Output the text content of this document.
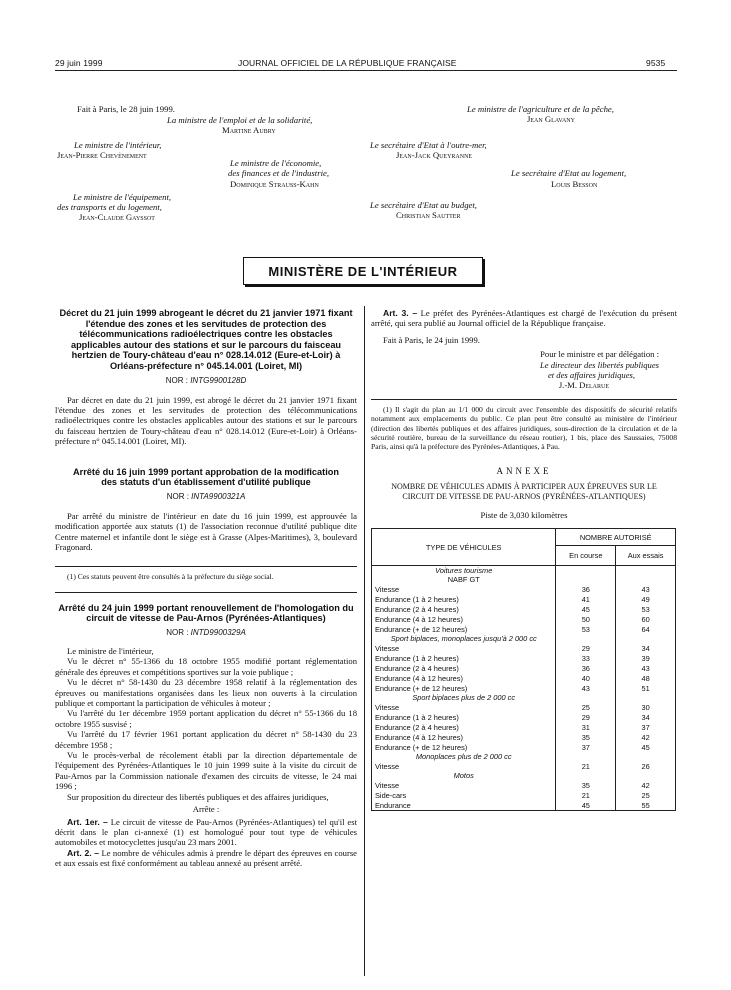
29 juin 1999	JOURNAL OFFICIEL DE LA RÉPUBLIQUE FRANÇAISE	9535
Fait à Paris, le 28 juin 1999.
La ministre de l'emploi et de la solidarité,
Martine Aubry
Le ministre de l'intérieur,
Jean-Pierre Chevènement
Le ministre de l'économie,
des finances et de l'industrie,
Dominique Strauss-Kahn
Le ministre de l'équipement,
des transports et du logement,
Jean-Claude Gayssot
Le ministre de l'agriculture et de la pêche,
Jean Glavany
Le secrétaire d'Etat à l'outre-mer,
Jean-Jack Queyranne
Le secrétaire d'Etat au logement,
Louis Besson
Le secrétaire d'Etat au budget,
Christian Sautter
MINISTÈRE DE L'INTÉRIEUR
Décret du 21 juin 1999 abrogeant le décret du 21 janvier 1971 fixant l'étendue des zones et les servitudes de protection des télécommunications radioélectriques contre les obstacles applicables autour des stations et sur le parcours du faisceau hertzien de Toury-château d'eau n° 028.14.012 (Eure-et-Loir) à Orléans-préfecture n° 045.14.001 (Loiret, MI)
NOR : INTG9900128D

Par décret en date du 21 juin 1999, est abrogé le décret du 21 janvier 1971 fixant l'étendue des zones et les servitudes de protection des télécommunications radioélectriques contre les obstacles applicables autour des stations et sur le parcours du faisceau hertzien de Toury-château d'eau n° 028.14.012 (Eure-et-Loir) à Orléans-préfecture n° 045.14.001 (Loiret, MI).

Arrêté du 16 juin 1999 portant approbation de la modification des statuts d'un établissement d'utilité publique
NOR : INTA9900321A

Par arrêté du ministre de l'intérieur en date du 16 juin 1999, est approuvée la modification apportée aux statuts (1) de l'association reconnue d'utilité publique dite Centre maternel et infantile dont le siège est à Grasse (Alpes-Maritimes), 3, boulevard Fragonard.

(1) Ces statuts peuvent être consultés à la préfecture du siège social.

Arrêté du 24 juin 1999 portant renouvellement de l'homologation du circuit de vitesse de Pau-Arnos (Pyrénées-Atlantiques)
NOR : INTD9900329A

Le ministre de l'intérieur,

Vu le décret n° 55-1366 du 18 octobre 1955 modifié portant réglementation générale des épreuves et compétitions sportives sur la voie publique ;

Vu le décret n° 58-1430 du 23 décembre 1958 relatif à la réglementation des épreuves ou manifestations organisées dans les lieux non ouverts à la circulation publique et comportant la participation de véhicules à moteur ;

Vu l'arrêté du 1er décembre 1959 portant application du décret n° 55-1366 du 18 octobre 1955 susvisé ;

Vu l'arrêté du 17 février 1961 portant application du décret n° 58-1430 du 23 décembre 1958 ;

Vu le procès-verbal de récolement établi par la direction départementale de l'équipement des Pyrénées-Atlantiques le 10 juin 1999 suite à la visite du circuit de Pau-Arnos par la Commission nationale d'examen des circuits de vitesse, le 24 mai 1996 ;

Sur proposition du directeur des libertés publiques et des affaires juridiques,

Arrête :

Art. 1er. – Le circuit de vitesse de Pau-Arnos (Pyrénées-Atlantiques) tel qu'il est décrit dans le plan ci-annexé (1) est homologué pour tout type de véhicules automobiles et motocyclettes jusqu'au 23 mars 2001.

Art. 2. – Le nombre de véhicules admis à prendre le départ des épreuves en course et aux essais est fixé conformément au tableau annexé au présent arrêté.

Art. 3. – Le préfet des Pyrénées-Atlantiques est chargé de l'exécution du présent arrêté, qui sera publié au Journal officiel de la République française.

Fait à Paris, le 24 juin 1999.

Pour le ministre et par délégation :
Le directeur des libertés publiques
et des affaires juridiques,
J.-M. Delarue

(1) Il s'agit du plan au 1/1 000 du circuit avec l'ensemble des dispositifs de sécurité relatifs notamment aux emplacements du public. Ce plan peut être consulté au ministère de l'intérieur (direction des libertés publiques et des affaires juridiques, sous-direction de la circulation et de la sécurité routière, bureau de la surveillance du réseau routier), 1 bis, place des Saussaies, 75008 Paris, ainsi qu'à la préfecture des Pyrénées-Atlantiques, à Pau.

ANNEXE
NOMBRE DE VÉHICULES ADMIS À PARTICIPER AUX ÉPREUVES SUR LE CIRCUIT DE VITESSE DE PAU-ARNOS (PYRÉNÉES-ATLANTIQUES)
Piste de 3,030 kilomètres
TYPE DE VÉHICULES	NOMBRE AUTORISÉ	
	En course	Aux essais
Voitures tourisme		
NABF GT		
Vitesse	36	43
Endurance (1 à 2 heures)	41	49
Endurance (2 à 4 heures)	45	53
Endurance (4 à 12 heures)	50	60
Endurance (+ de 12 heures)	53	64
Sport biplaces, monoplaces jusqu'à 2 000 cc		
Vitesse	29	34
Endurance (1 à 2 heures)	33	39
Endurance (2 à 4 heures)	36	43
Endurance (4 à 12 heures)	40	48
Endurance (+ de 12 heures)	43	51
Sport biplaces plus de 2 000 cc		
Vitesse	25	30
Endurance (1 à 2 heures)	29	34
Endurance (2 à 4 heures)	31	37
Endurance (4 à 12 heures)	35	42
Endurance (+ de 12 heures)	37	45
Monoplaces plus de 2 000 cc		
Vitesse	21	26
Motos		
Vitesse	35	42
Side-cars	21	25
Endurance	45	55
